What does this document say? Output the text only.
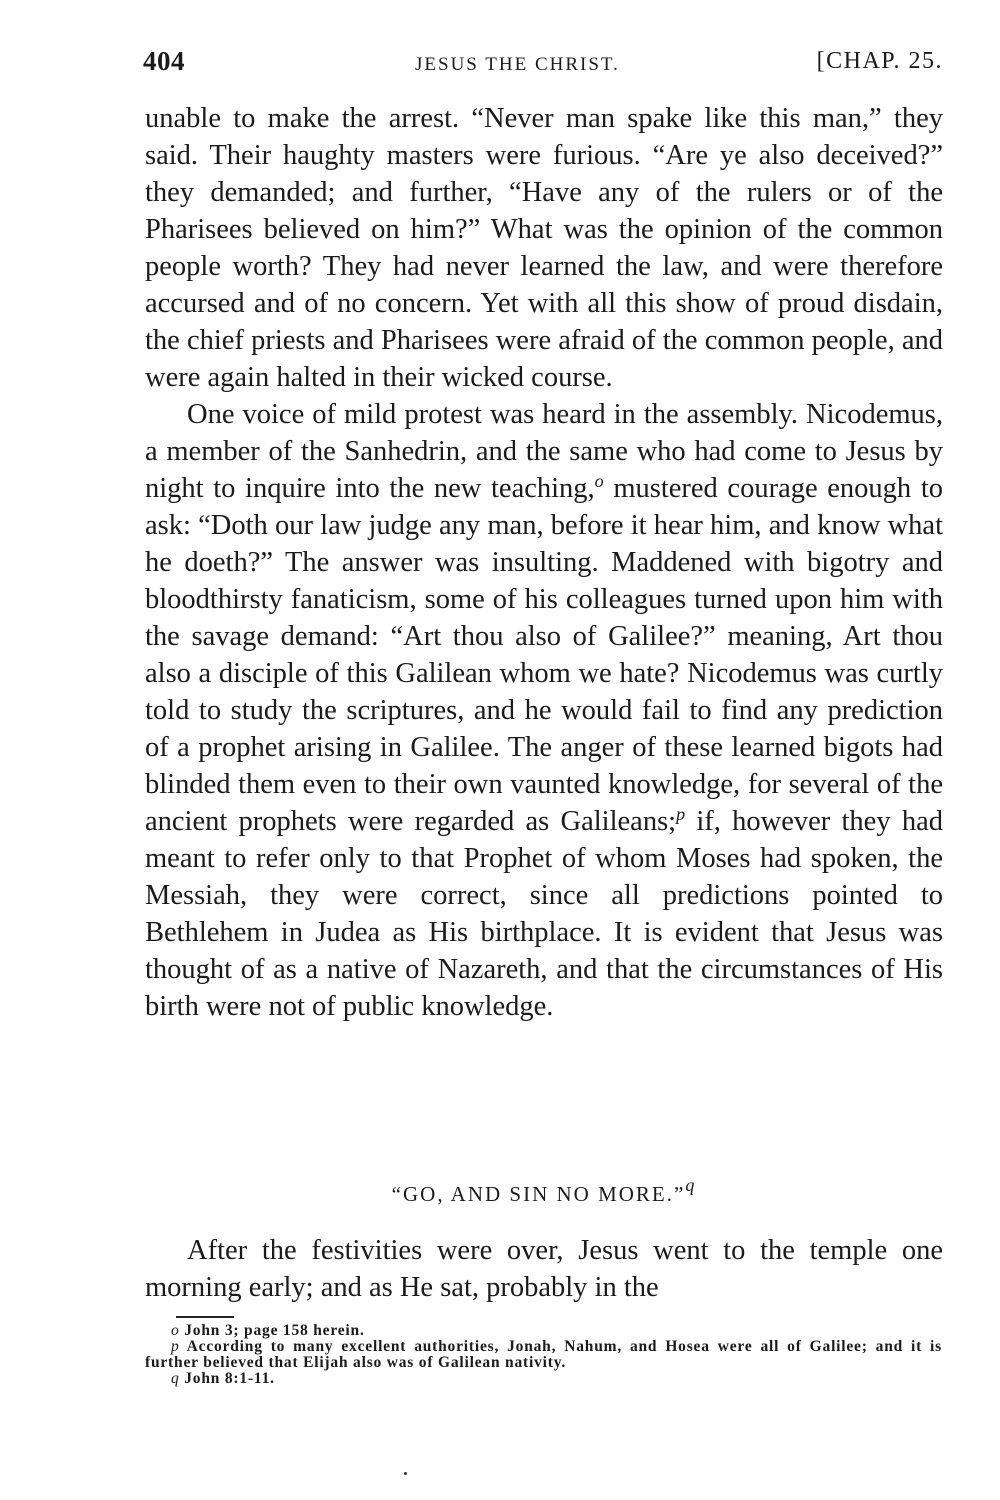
404	JESUS THE CHRIST.	[CHAP. 25.

unable to make the arrest. “Never man spake like this man,” they said. Their haughty masters were furious. “Are ye also deceived?” they demanded; and further, “Have any of the rulers or of the Pharisees believed on him?” What was the opinion of the common people worth? They had never learned the law, and were therefore accursed and of no concern. Yet with all this show of proud disdain, the chief priests and Pharisees were afraid of the common people, and were again halted in their wicked course.

One voice of mild protest was heard in the assembly. Nicodemus, a member of the Sanhedrin, and the same who had come to Jesus by night to inquire into the new teaching,$^o$ mustered courage enough to ask: “Doth our law judge any man, before it hear him, and know what he doeth?” The answer was insulting. Maddened with bigotry and bloodthirsty fanaticism, some of his colleagues turned upon him with the savage demand: “Art thou also of Galilee?” meaning, Art thou also a disciple of this Galilean whom we hate? Nicodemus was curtly told to study the scriptures, and he would fail to find any prediction of a prophet arising in Galilee. The anger of these learned bigots had blinded them even to their own vaunted knowledge, for several of the ancient prophets were regarded as Galileans;$^p$ if, however they had meant to refer only to that Prophet of whom Moses had spoken, the Messiah, they were correct, since all predictions pointed to Bethlehem in Judea as His birthplace. It is evident that Jesus was thought of as a native of Nazareth, and that the circumstances of His birth were not of public knowledge.

“GO, AND SIN NO MORE.”q

After the festivities were over, Jesus went to the temple one morning early; and as He sat, probably in the

o John 3; page 158 herein.

p According to many excellent authorities, Jonah, Nahum, and Hosea were all of Galilee; and it is further believed that Elijah also was of Galilean nativity.

q John 8:1-11.
